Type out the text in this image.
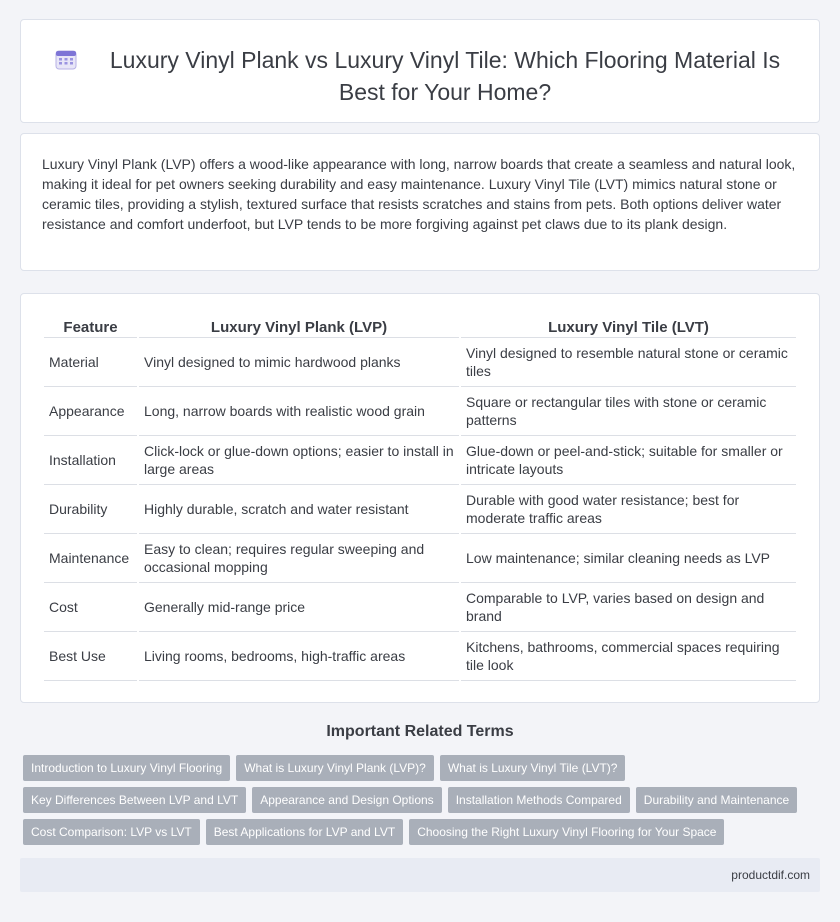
Luxury Vinyl Plank vs Luxury Vinyl Tile: Which Flooring Material Is Best for Your Home?

Luxury Vinyl Plank (LVP) offers a wood-like appearance with long, narrow boards that create a seamless and natural look, making it ideal for pet owners seeking durability and easy maintenance. Luxury Vinyl Tile (LVT) mimics natural stone or ceramic tiles, providing a stylish, textured surface that resists scratches and stains from pets. Both options deliver water resistance and comfort underfoot, but LVP tends to be more forgiving against pet claws due to its plank design.

Feature	Luxury Vinyl Plank (LVP)	Luxury Vinyl Tile (LVT)
Material	Vinyl designed to mimic hardwood planks	Vinyl designed to resemble natural stone or ceramic tiles
Appearance	Long, narrow boards with realistic wood grain	Square or rectangular tiles with stone or ceramic patterns
Installation	Click-lock or glue-down options; easier to install in large areas	Glue-down or peel-and-stick; suitable for smaller or intricate layouts
Durability	Highly durable, scratch and water resistant	Durable with good water resistance; best for moderate traffic areas
Maintenance	Easy to clean; requires regular sweeping and occasional mopping	Low maintenance; similar cleaning needs as LVP
Cost	Generally mid-range price	Comparable to LVP, varies based on design and brand
Best Use	Living rooms, bedrooms, high-traffic areas	Kitchens, bathrooms, commercial spaces requiring tile look
Important Related Terms
Introduction to Luxury Vinyl Flooring	What is Luxury Vinyl Plank (LVP)?	What is Luxury Vinyl Tile (LVT)?
Key Differences Between LVP and LVT	Appearance and Design Options	Installation Methods Compared	Durability and Maintenance
Cost Comparison: LVP vs LVT	Best Applications for LVP and LVT	Choosing the Right Luxury Vinyl Flooring for Your Space
productdif.com
